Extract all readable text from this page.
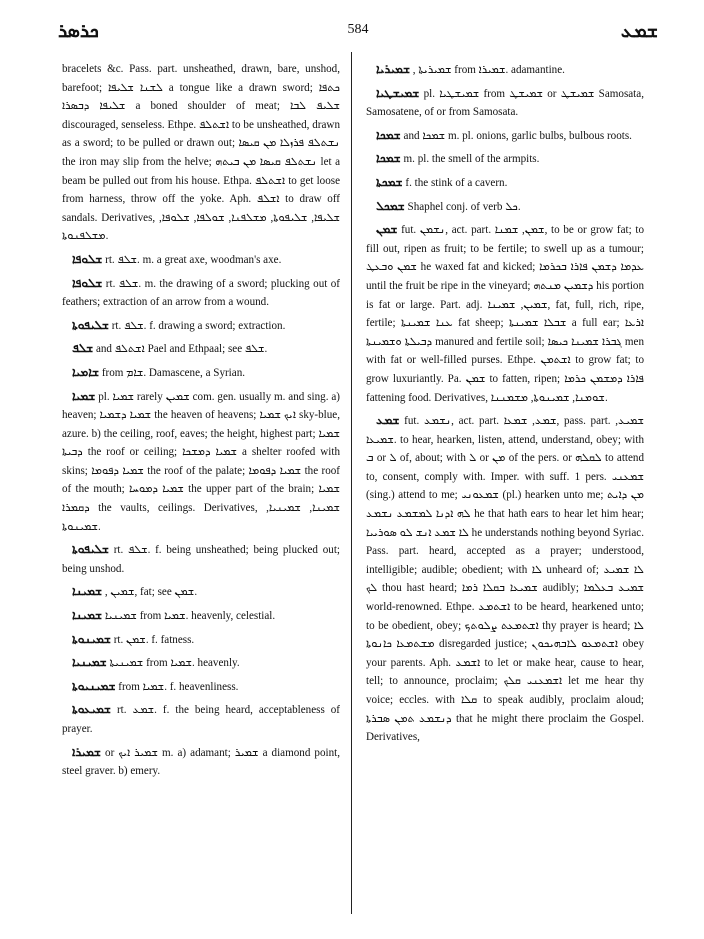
ܟܪܣܪ	584	ܫܡܥ

bracelets &c. Pass. part. unsheathed, drawn, bare, unshod, barefoot; ܠܫܢܐ ܫܠܝܦܐ a tongue like a drawn sword; ܟܬܦܐ ܫܠܝܦܐ ܕܒܣܪܐ a boned shoulder of meat; ܫܠܝܦ ܠܒܐ discouraged, senseless. Ethpe. ܐܫܬܠܦ to be unsheathed, drawn as a sword; to be pulled or drawn out; ܢܫܬܠܦ ܦܪܙܠܐ ܡܢ ܩܝܣܐ the iron may slip from the helve; ܢܫܬܠܦ ܩܝܣܐ ܡܢ ܒܝܬܗ let a beam be pulled out from his house. Ethpa. ܐܫܬܠܦ to get loose from harness, throw off the yoke. Aph. ܐܫܠܦ to draw off sandals. Derivatives, ܫܠܝܦܐ, ܫܠܝܦܘܬܐ, ܡܫܠܦܢܐ, ܫܘܠܦܐ, ܫܠܘܦܐ, ܡܫܠܦܢܘܬܐ.

ܫܠܘܦܐ rt. ܫܠܦ. m. a great axe, woodman's axe.

ܫܠܘܦܐ rt. ܫܠܦ. m. the drawing of a sword; plucking out of feathers; extraction of an arrow from a wound.

ܫܠܝܦܘܬܐ rt. ܫܠܦ. f. drawing a sword; extraction.

ܫܠܦ and ܐܫܬܠܦ Pael and Ethpaal; see ܫܠܦ.

ܫܐܡܝܐ from ܫܐܡ. Damascene, a Syrian.

ܫܡܝܐ pl. ܫܡܝܐ rarely ܫܡܝܢ com. gen. usually m. and sing. a) heaven; ܫܡܝܐ ܕܫܡܝܐ the heaven of heavens; ܐܝܟ ܫܡܝܐ sky-blue, azure. b) the ceiling, roof, eaves; the height, highest part; ܫܡܝܐ ܕܒܝܬܐ the roof or ceiling; ܫܡܝܐ ܕܡܫܟܐ a shelter roofed with skins; ܫܡܝܐ ܕܦܘܡܐ the roof of the palate; ܫܡܝܐ ܕܦܘܡܐ the roof of the mouth; ܫܡܝܐ ܕܡܘܚܐ the upper part of the brain; ܫܡܝܐ ܕܩܡܪܐ the vaults, ceilings. Derivatives, ܫܡܝܢܐ, ܫܡܝܢܝܐ, ܫܡܝܢܘܬܐ.

ܫܠܝܦܘܬܐ rt. ܫܠܦ. f. being unsheathed; being plucked out; being unshod.

ܫܡܝܢܐ , ܫܡܝܢ, fat; see ܫܡܢ.

ܫܡܝܢܐ ܫܡܝܢܝܐ from ܫܡܝܐ. heavenly, celestial.

ܫܡܝܢܘܬܐ rt. ܫܡܢ. f. fatness.

ܫܡܝܢܝܐ ܫܡܝܢܝܬܐ from ܫܡܝܐ. heavenly.

ܫܡܝܢܝܘܬܐ from ܫܡܝܐ. f. heavenliness.

ܫܡܝܥܘܬܐ rt. ܫܡܥ. f. the being heard, acceptableness of prayer.

ܫܡܝܪܐ or ܫܡܝܪ ܐܝܟ m. a) adamant; ܫܡܝܪ a diamond point, steel graver. b) emery.

ܫܡܝܪܝܐ , ܫܡܝܪܝܬܐ from ܫܡܝܪܐ. adamantine.

ܫܡܝܫܛܝܐ pl. ܫܡܝܫܛܝܐ from ܫܡܝܫܛ or ܫܡܝܫܛ Samosata, Samosatene, of or from Samosata.

ܫܡܟܐ and ܫܡܟܐ m. pl. onions, garlic bulbs, bulbous roots.

ܫܡܟܐ m. pl. the smell of the armpits.

ܫܡܟܬܐ f. the stink of a cavern.

ܫܡܟܠ Shaphel conj. of verb ܟܠ.

ܫܡܢ fut. ܢܫܡܢ, act. part. ܫܡܢ, ܫܡܢܐ, to be or grow fat; to fill out, ripen as fruit; to be fertile; to swell up as a tumour; ܫܡܢ ܘܒܥܛ he waxed fat and kicked; ܥܕܡܐ ܕܫܡܢ ܦܐܪܐ ܒܟܪܡܐ until the fruit be ripe in the vineyard; ܕܫܡܝܢ ܡܢܬܗ his portion is fat or large. Part. adj. ܫܡܝܢ, ܫܡܝܢܐ, fat, full, rich, ripe, fertile; ܥܢܐ ܫܡܝܢܬܐ fat sheep; ܫܒܠܐ ܫܡܝܢܬܐ a full ear; ܐܪܥܐ ܕܒܝܠܬܐ ܘܫܡܝܢܬܐ manured and fertile soil; ܓܒܪܐ ܫܡܝܢܐ ܟܝܣܐ men with fat or well-filled purses. Ethpe. ܐܫܬܡܢ to grow fat; to grow luxuriantly. Pa. ܫܡܢ to fatten, ripen; ܦܐܪܐ ܕܡܫܡܢ ܟܪܡܐ fattening food. Derivatives, ܫܘܡܢܐ, ܫܡܝܢܘܬܐ, ܡܫܡܢܢܐ.

ܫܡܥ fut. ܢܫܡܥ, act. part. ܫܡܥ, ܫܡܥܐ, pass. part. ܫܡܝܥ, ܫܡܝܥܐ. to hear, hearken, listen, attend, understand, obey; with ܒ or ܠ of, about; with ܠ or ܡܢ of the pers. or ܠܩܠܗ to attend to, consent, comply with. Imper. with suff. 1 pers. ܫܡܥܢܝ (sing.) attend to me; ܫܡܥܘܢܝ (pl.) hearken unto me; ܡܢ ܕܐܝܬ ܠܗ ܐܕܢܐ ܠܡܫܡܥ ܢܫܡܥ he that hath ears to hear let him hear; ܠܐ ܫܡܥ ܐܢܫ ܠܘ ܣܘܪܝܝܐ he understands nothing beyond Syriac. Pass. part. heard, accepted as a prayer; understood, intelligible; audible; obedient; with ܠܐ unheard of; ܠܐ ܫܡܝܥ ܠܟ thou hast heard; ܫܡܝܥܐ ܒܩܠܐ ܪܡܐ audibly; ܫܡܝܥ ܒܥܠܡܐ world-renowned. Ethpe. ܐܫܬܡܥ to be heard, hearkened unto; to be obedient, obey; ܐܫܬܡܥܬ ܨܠܘܬܟ thy prayer is heard; ܠܐ ܡܫܬܡܥܐ ܟܐܢܘܬܐ disregarded justice; ܐܫܬܡܥܘ ܠܐܒܗܝܟܘܢ obey your parents. Aph. ܐܫܡܥ to let or make hear, cause to hear, tell; to announce, proclaim; ܐܫܡܥܢܝ ܩܠܟ let me hear thy voice; eccles. with ܩܠܐ to speak audibly, proclaim aloud; ܕܢܫܡܥ ܬܡܢ ܣܒܪܬܐ that he might there proclaim the Gospel. Derivatives,
